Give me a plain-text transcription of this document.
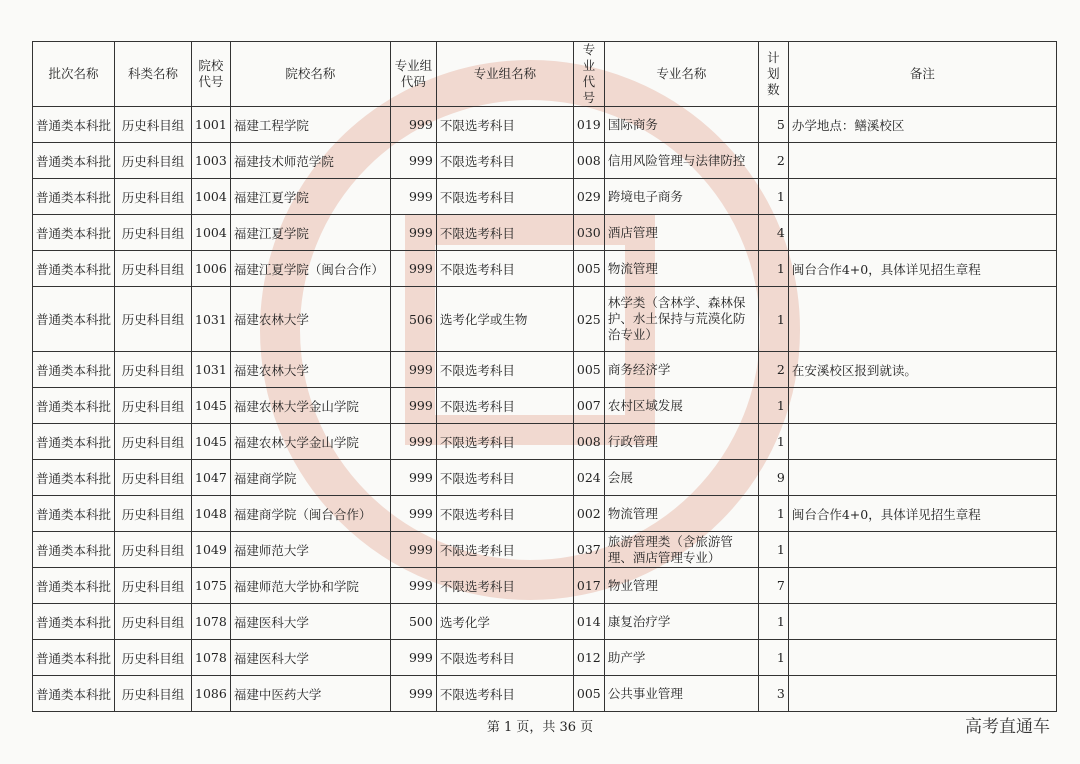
批次名称	科类名称	院校代号	院校名称	专业组代码	专业组名称	专业代号	专业名称	计划数	备注
普通类本科批	历史科目组	1001	福建工程学院	999	不限选考科目	019	国际商务	5	办学地点：鳝溪校区
普通类本科批	历史科目组	1003	福建技术师范学院	999	不限选考科目	008	信用风险管理与法律防控	2	
普通类本科批	历史科目组	1004	福建江夏学院	999	不限选考科目	029	跨境电子商务	1	
普通类本科批	历史科目组	1004	福建江夏学院	999	不限选考科目	030	酒店管理	4	
普通类本科批	历史科目组	1006	福建江夏学院（闽台合作）	999	不限选考科目	005	物流管理	1	闽台合作4+0，具体详见招生章程
普通类本科批	历史科目组	1031	福建农林大学	506	选考化学或生物	025	林学类（含林学、森林保护、水土保持与荒漠化防治专业）	1	
普通类本科批	历史科目组	1031	福建农林大学	999	不限选考科目	005	商务经济学	2	在安溪校区报到就读。
普通类本科批	历史科目组	1045	福建农林大学金山学院	999	不限选考科目	007	农村区域发展	1	
普通类本科批	历史科目组	1045	福建农林大学金山学院	999	不限选考科目	008	行政管理	1	
普通类本科批	历史科目组	1047	福建商学院	999	不限选考科目	024	会展	9	
普通类本科批	历史科目组	1048	福建商学院（闽台合作）	999	不限选考科目	002	物流管理	1	闽台合作4+0，具体详见招生章程
普通类本科批	历史科目组	1049	福建师范大学	999	不限选考科目	037	旅游管理类（含旅游管理、酒店管理专业）	1	
普通类本科批	历史科目组	1075	福建师范大学协和学院	999	不限选考科目	017	物业管理	7	
普通类本科批	历史科目组	1078	福建医科大学	500	选考化学	014	康复治疗学	1	
普通类本科批	历史科目组	1078	福建医科大学	999	不限选考科目	012	助产学	1	
普通类本科批	历史科目组	1086	福建中医药大学	999	不限选考科目	005	公共事业管理	3	
第 1 页，共 36 页	高考直通车
